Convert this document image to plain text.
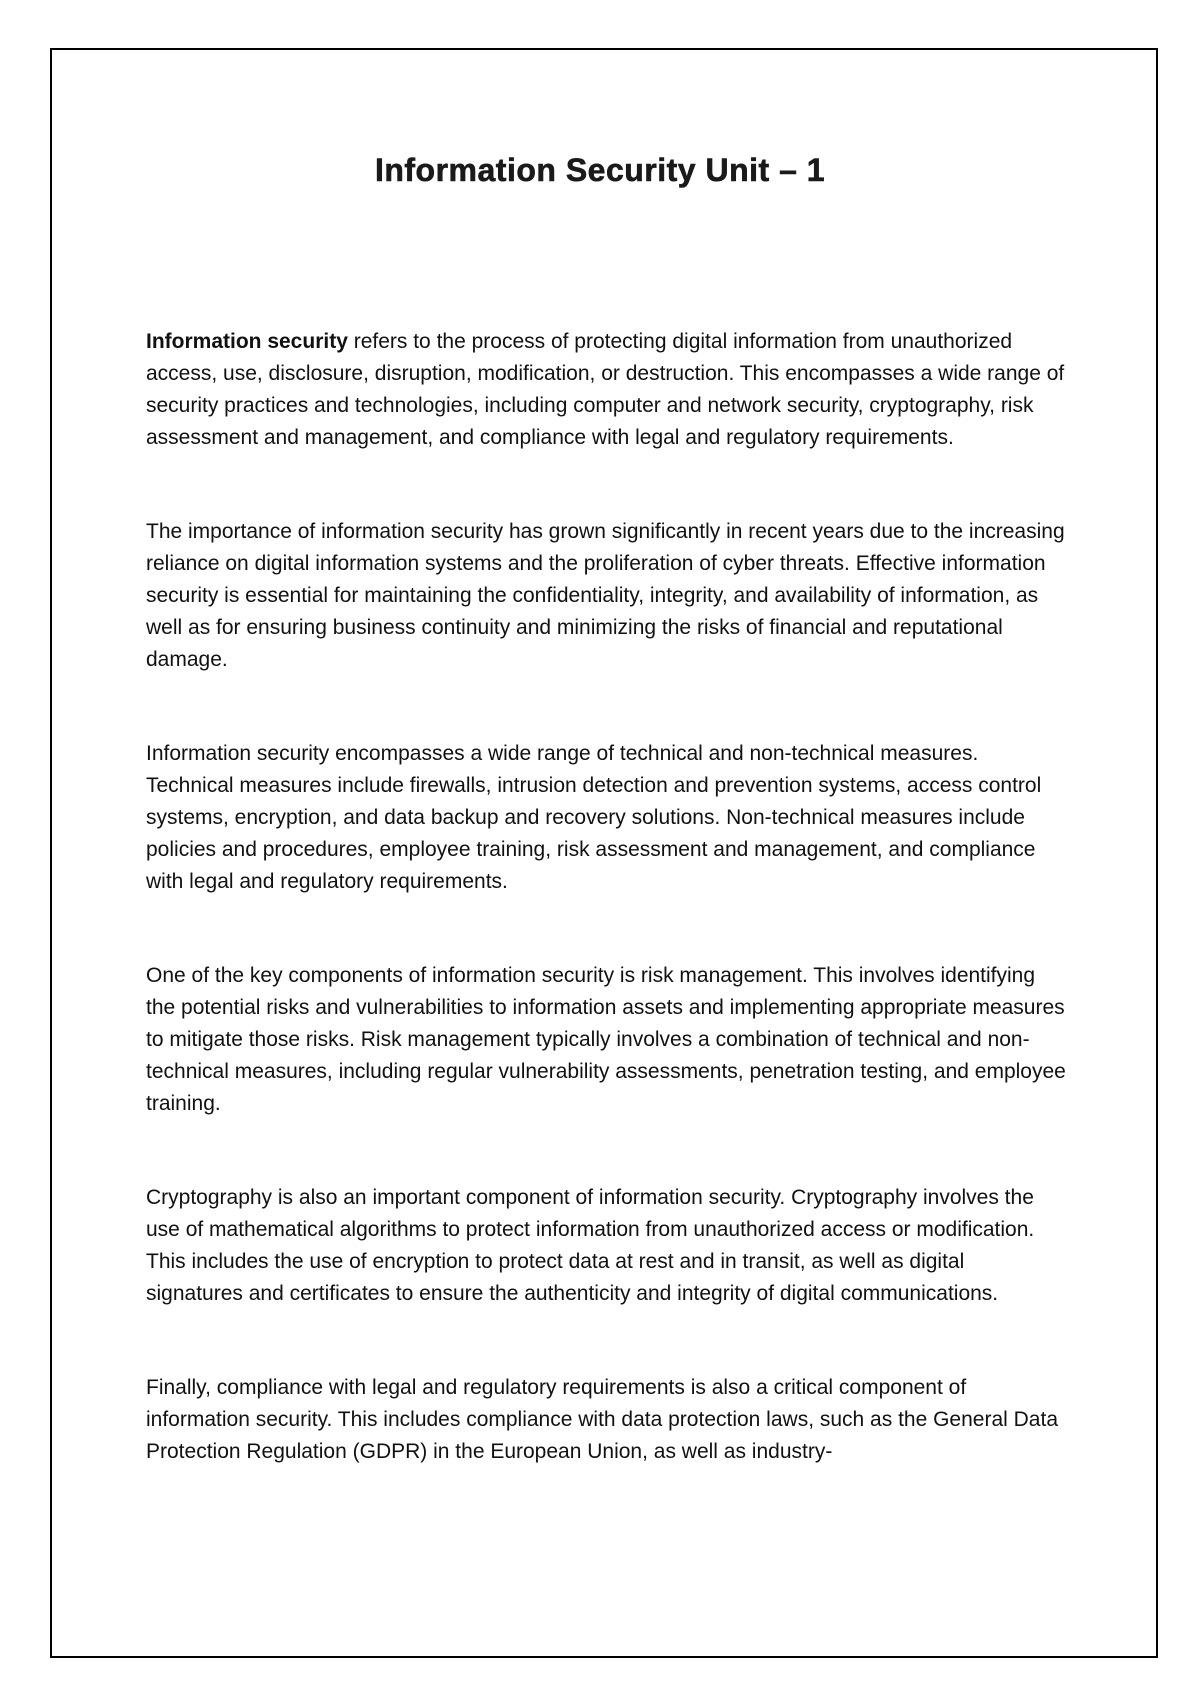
Information Security Unit – 1

Information security refers to the process of protecting digital information from unauthorized access, use, disclosure, disruption, modification, or destruction. This encompasses a wide range of security practices and technologies, including computer and network security, cryptography, risk assessment and management, and compliance with legal and regulatory requirements.

The importance of information security has grown significantly in recent years due to the increasing reliance on digital information systems and the proliferation of cyber threats. Effective information security is essential for maintaining the confidentiality, integrity, and availability of information, as well as for ensuring business continuity and minimizing the risks of financial and reputational damage.

Information security encompasses a wide range of technical and non-technical measures. Technical measures include firewalls, intrusion detection and prevention systems, access control systems, encryption, and data backup and recovery solutions. Non-technical measures include policies and procedures, employee training, risk assessment and management, and compliance with legal and regulatory requirements.

One of the key components of information security is risk management. This involves identifying the potential risks and vulnerabilities to information assets and implementing appropriate measures to mitigate those risks. Risk management typically involves a combination of technical and non-technical measures, including regular vulnerability assessments, penetration testing, and employee training.

Cryptography is also an important component of information security. Cryptography involves the use of mathematical algorithms to protect information from unauthorized access or modification. This includes the use of encryption to protect data at rest and in transit, as well as digital signatures and certificates to ensure the authenticity and integrity of digital communications.

Finally, compliance with legal and regulatory requirements is also a critical component of information security. This includes compliance with data protection laws, such as the General Data Protection Regulation (GDPR) in the European Union, as well as industry-
